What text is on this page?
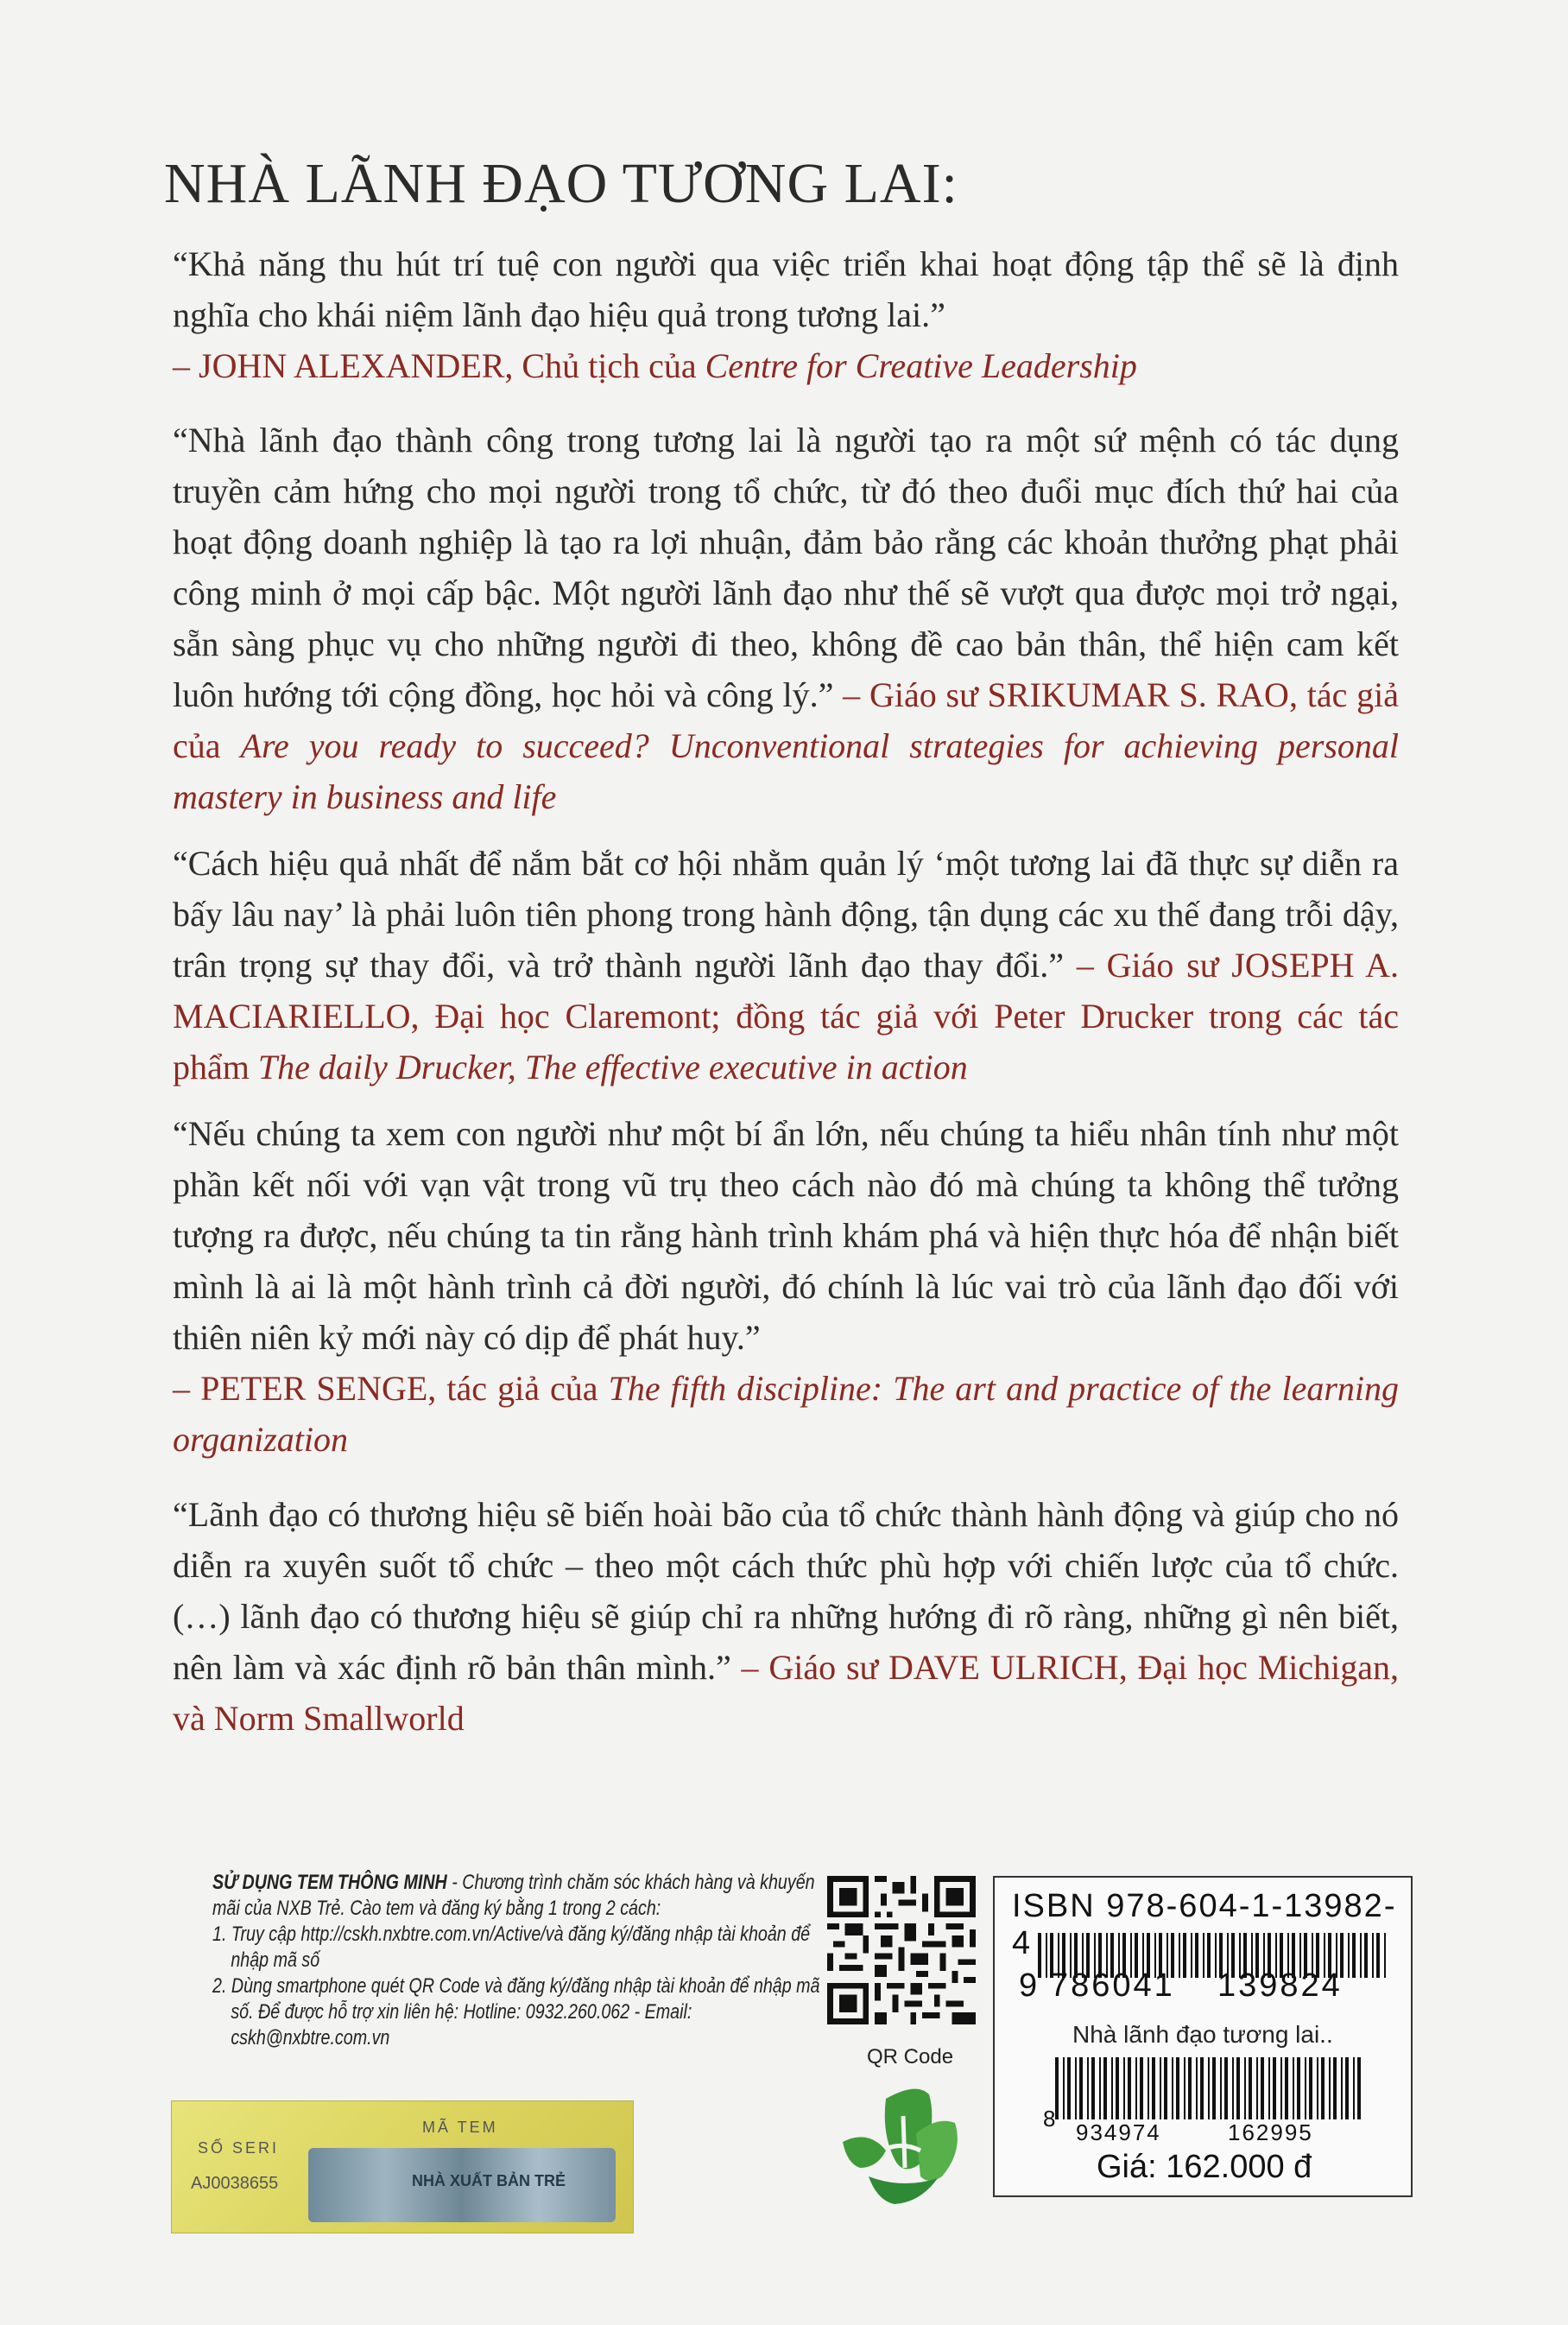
NHÀ LÃNH ĐẠO TƯƠNG LAI:
“Khả năng thu hút trí tuệ con người qua việc triển khai hoạt động tập thể sẽ là định nghĩa cho khái niệm lãnh đạo hiệu quả trong tương lai.”
– JOHN ALEXANDER, Chủ tịch của Centre for Creative Leadership
“Nhà lãnh đạo thành công trong tương lai là người tạo ra một sứ mệnh có tác dụng truyền cảm hứng cho mọi người trong tổ chức, từ đó theo đuổi mục đích thứ hai của hoạt động doanh nghiệp là tạo ra lợi nhuận, đảm bảo rằng các khoản thưởng phạt phải công minh ở mọi cấp bậc. Một người lãnh đạo như thế sẽ vượt qua được mọi trở ngại, sẵn sàng phục vụ cho những người đi theo, không đề cao bản thân, thể hiện cam kết luôn hướng tới cộng đồng, học hỏi và công lý.” – Giáo sư SRIKUMAR S. RAO, tác giả của Are you ready to succeed? Unconventional strategies for achieving personal mastery in business and life
“Cách hiệu quả nhất để nắm bắt cơ hội nhằm quản lý ‘một tương lai đã thực sự diễn ra bấy lâu nay’ là phải luôn tiên phong trong hành động, tận dụng các xu thế đang trỗi dậy, trân trọng sự thay đổi, và trở thành người lãnh đạo thay đổi.” – Giáo sư JOSEPH A. MACIARIELLO, Đại học Claremont; đồng tác giả với Peter Drucker trong các tác phẩm The daily Drucker, The effective executive in action
“Nếu chúng ta xem con người như một bí ẩn lớn, nếu chúng ta hiểu nhân tính như một phần kết nối với vạn vật trong vũ trụ theo cách nào đó mà chúng ta không thể tưởng tượng ra được, nếu chúng ta tin rằng hành trình khám phá và hiện thực hóa để nhận biết mình là ai là một hành trình cả đời người, đó chính là lúc vai trò của lãnh đạo đối với thiên niên kỷ mới này có dịp để phát huy.”
– PETER SENGE, tác giả của The fifth discipline: The art and practice of the learning organization
“Lãnh đạo có thương hiệu sẽ biến hoài bão của tổ chức thành hành động và giúp cho nó diễn ra xuyên suốt tổ chức – theo một cách thức phù hợp với chiến lược của tổ chức. (…) lãnh đạo có thương hiệu sẽ giúp chỉ ra những hướng đi rõ ràng, những gì nên biết, nên làm và xác định rõ bản thân mình.” – Giáo sư DAVE ULRICH, Đại học Michigan, và Norm Smallworld
SỬ DỤNG TEM THÔNG MINH - Chương trình chăm sóc khách hàng và khuyến mãi của NXB Trẻ. Cào tem và đăng ký bằng 1 trong 2 cách:
1. Truy cập http://cskh.nxbtre.com.vn/Active/và đăng ký/đăng nhập tài khoản để nhập mã số
2. Dùng smartphone quét QR Code và đăng ký/đăng nhập tài khoản để nhập mã số. Để được hỗ trợ xin liên hệ: Hotline: 0932.260.062 - Email: cskh@nxbtre.com.vn
QR Code
MÃ TEM
SỐ SERI
AJ0038655	NHÀ XUẤT BẢN TRẺ
ISBN 978-604-1-13982-4
9 786041 139824
Nhà lãnh đạo tương lai..
8
934974	162995
Giá: 162.000 đ
